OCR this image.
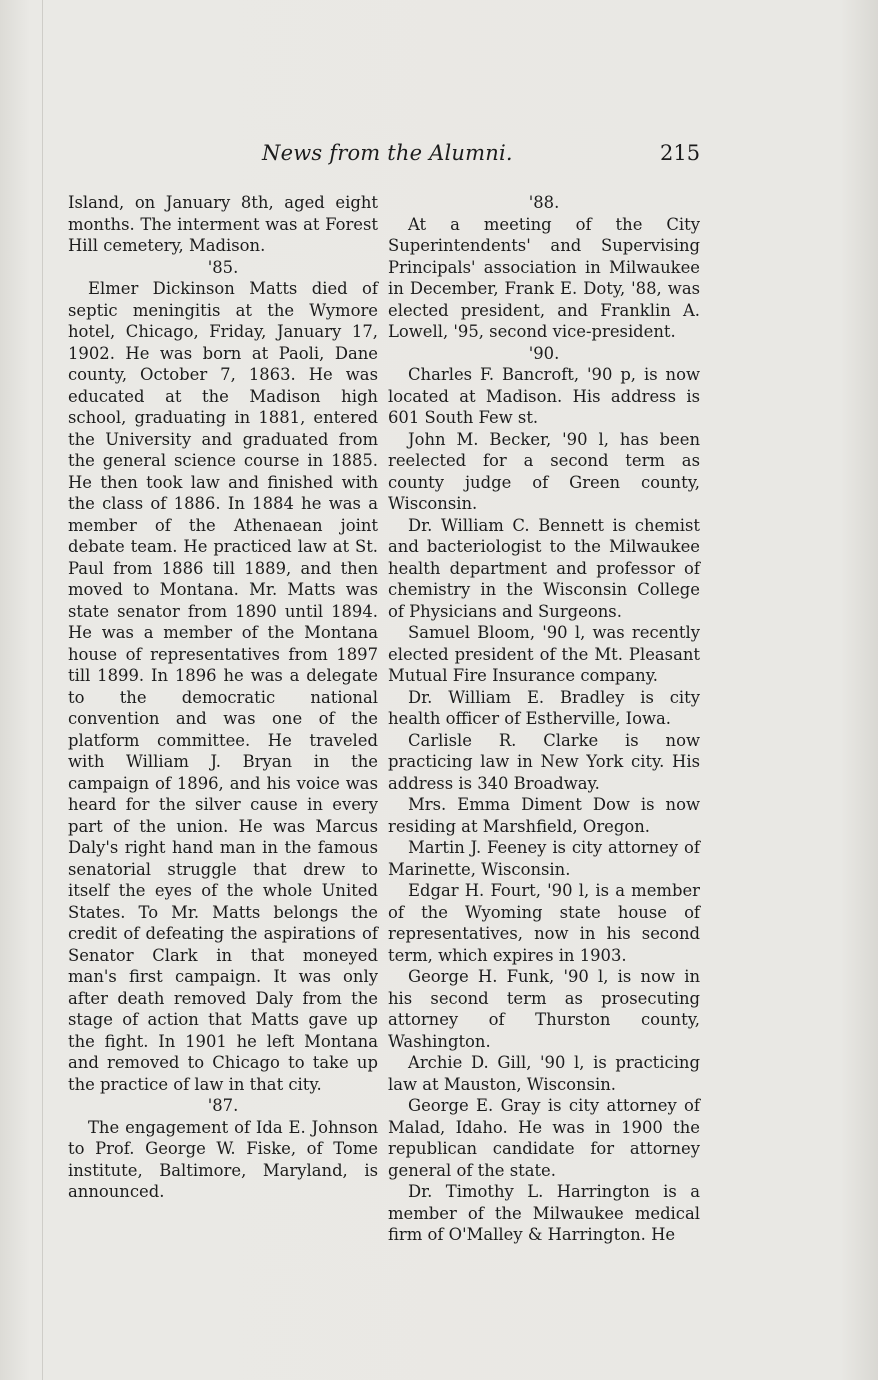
News from the Alumni.	215

Island, on January 8th, aged eight months. The interment was at Forest Hill cemetery, Madison.

'85.

Elmer Dickinson Matts died of septic meningitis at the Wymore hotel, Chicago, Friday, January 17, 1902. He was born at Paoli, Dane county, October 7, 1863. He was educated at the Madison high school, graduating in 1881, entered the University and graduated from the general science course in 1885. He then took law and finished with the class of 1886. In 1884 he was a member of the Athenaean joint debate team. He practiced law at St. Paul from 1886 till 1889, and then moved to Montana. Mr. Matts was state senator from 1890 until 1894. He was a member of the Montana house of representatives from 1897 till 1899. In 1896 he was a delegate to the democratic national convention and was one of the platform committee. He traveled with William J. Bryan in the campaign of 1896, and his voice was heard for the silver cause in every part of the union. He was Marcus Daly's right hand man in the famous senatorial struggle that drew to itself the eyes of the whole United States. To Mr. Matts belongs the credit of defeating the aspirations of Senator Clark in that moneyed man's first campaign. It was only after death removed Daly from the stage of action that Matts gave up the fight. In 1901 he left Montana and removed to Chicago to take up the practice of law in that city.

'87.

The engagement of Ida E. Johnson to Prof. George W. Fiske, of Tome institute, Baltimore, Maryland, is announced.

'88.

At a meeting of the City Superintendents' and Supervising Principals' association in Milwaukee in December, Frank E. Doty, '88, was elected president, and Franklin A. Lowell, '95, second vice-president.

'90.

Charles F. Bancroft, '90 p, is now located at Madison. His address is 601 South Few st.

John M. Becker, '90 l, has been reelected for a second term as county judge of Green county, Wisconsin.

Dr. William C. Bennett is chemist and bacteriologist to the Milwaukee health department and professor of chemistry in the Wisconsin College of Physicians and Surgeons.

Samuel Bloom, '90 l, was recently elected president of the Mt. Pleasant Mutual Fire Insurance company.

Dr. William E. Bradley is city health officer of Estherville, Iowa.

Carlisle R. Clarke is now practicing law in New York city. His address is 340 Broadway.

Mrs. Emma Diment Dow is now residing at Marshfield, Oregon.

Martin J. Feeney is city attorney of Marinette, Wisconsin.

Edgar H. Fourt, '90 l, is a member of the Wyoming state house of representatives, now in his second term, which expires in 1903.

George H. Funk, '90 l, is now in his second term as prosecuting attorney of Thurston county, Washington.

Archie D. Gill, '90 l, is practicing law at Mauston, Wisconsin.

George E. Gray is city attorney of Malad, Idaho. He was in 1900 the republican candidate for attorney general of the state.

Dr. Timothy L. Harrington is a member of the Milwaukee medical firm of O'Malley & Harrington. He
